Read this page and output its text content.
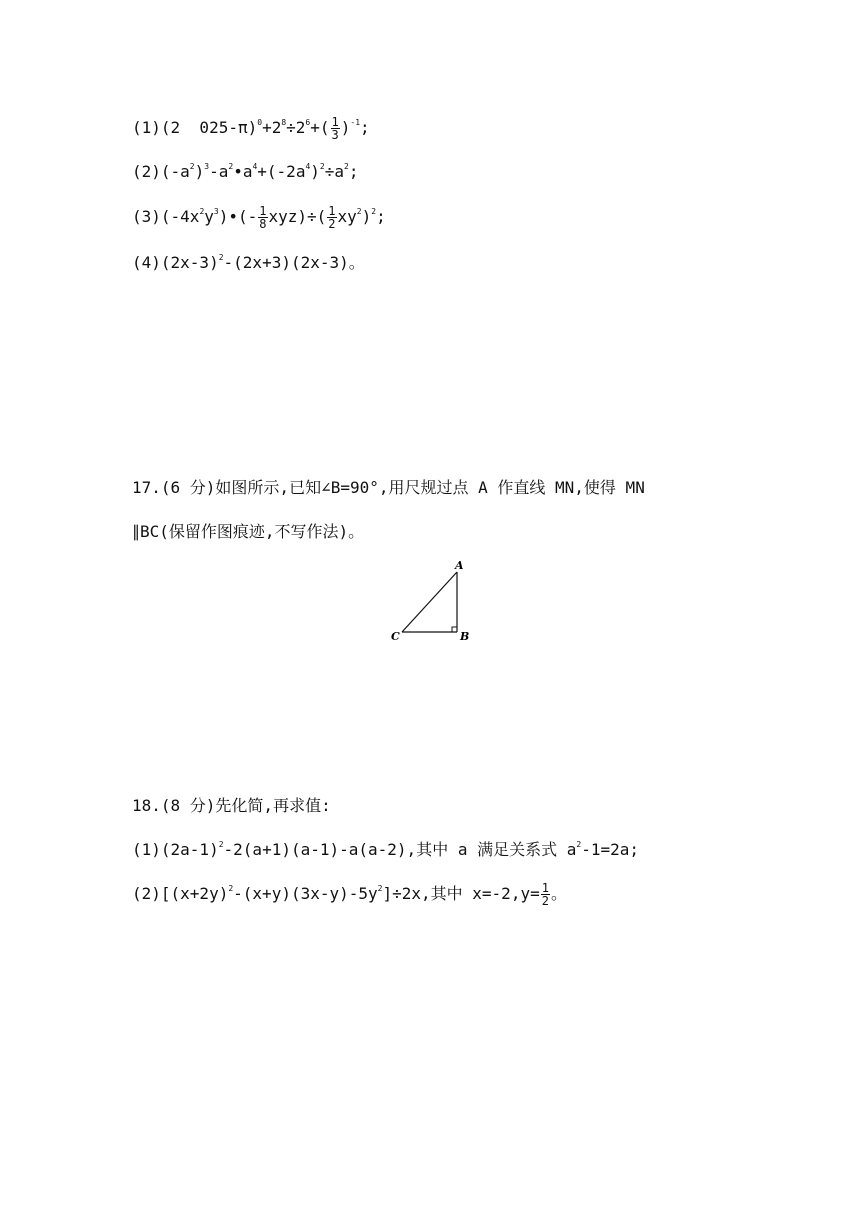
(1)(2  $025-\pi)^0+2^8\div 2^6+( \frac{1}{3} )^{-1}$;
$(2)(-a^2)^3-a^2•a^4+(-2a^4)^2\div a^2$;
$(3)(-4x^2y^3)•(- \frac{1}{8} xyz)\div( \frac{1}{2} xy^2)^2$;
$(4)(2x-3)^2-(2x+3)(2x-3)$。
17.(6 分)如图所示,已知∠B=90°,用尺规过点 A 作直线 MN,使得 MN
∥BC(保留作图痕迹,不写作法)。
A
B
C
18.(8 分)先化简,再求值:
$(1)(2a-1)^2-2(a+1)(a-1)-a(a-2)$,其中 a 满足关系式 $a^2-1=2a$;
$(2)[(x+2y)^2-(x+y)(3x-y)-5y^2]\div 2x$,其中 $x=-2,y= \frac{1}{2}$ 。
